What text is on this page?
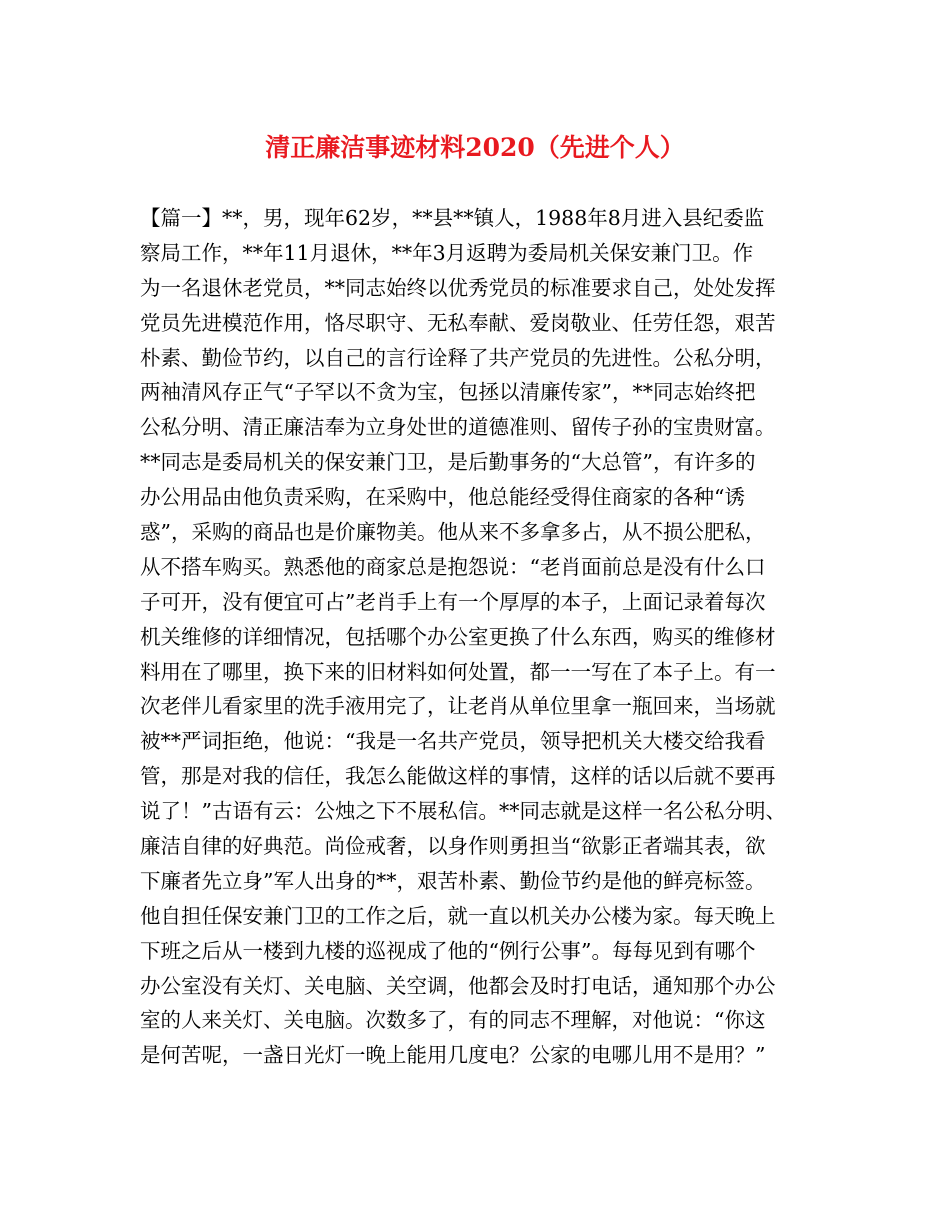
清正廉洁事迹材料2020（先进个人）
【篇一】**，男，现年62岁，**县**镇人，1988年8月进入县纪委监
察局工作，**年11月退休，**年3月返聘为委局机关保安兼门卫。作
为一名退休老党员，**同志始终以优秀党员的标准要求自己，处处发挥
党员先进模范作用，恪尽职守、无私奉献、爱岗敬业、任劳任怨，艰苦
朴素、勤俭节约，以自己的言行诠释了共产党员的先进性。公私分明，
两袖清风存正气“子罕以不贪为宝，包拯以清廉传家”，**同志始终把
公私分明、清正廉洁奉为立身处世的道德准则、留传子孙的宝贵财富。
**同志是委局机关的保安兼门卫，是后勤事务的“大总管”，有许多的
办公用品由他负责采购，在采购中，他总能经受得住商家的各种“诱
惑”，采购的商品也是价廉物美。他从来不多拿多占，从不损公肥私，
从不搭车购买。熟悉他的商家总是抱怨说：“老肖面前总是没有什么口
子可开，没有便宜可占”老肖手上有一个厚厚的本子，上面记录着每次
机关维修的详细情况，包括哪个办公室更换了什么东西，购买的维修材
料用在了哪里，换下来的旧材料如何处置，都一一写在了本子上。有一
次老伴儿看家里的洗手液用完了，让老肖从单位里拿一瓶回来，当场就
被**严词拒绝，他说：“我是一名共产党员，领导把机关大楼交给我看
管，那是对我的信任，我怎么能做这样的事情，这样的话以后就不要再
说了！”古语有云：公烛之下不展私信。**同志就是这样一名公私分明、
廉洁自律的好典范。尚俭戒奢，以身作则勇担当“欲影正者端其表，欲
下廉者先立身”军人出身的**，艰苦朴素、勤俭节约是他的鲜亮标签。
他自担任保安兼门卫的工作之后，就一直以机关办公楼为家。每天晚上
下班之后从一楼到九楼的巡视成了他的“例行公事”。每每见到有哪个
办公室没有关灯、关电脑、关空调，他都会及时打电话，通知那个办公
室的人来关灯、关电脑。次数多了，有的同志不理解，对他说：“你这
是何苦呢，一盏日光灯一晚上能用几度电？公家的电哪儿用不是用？”
